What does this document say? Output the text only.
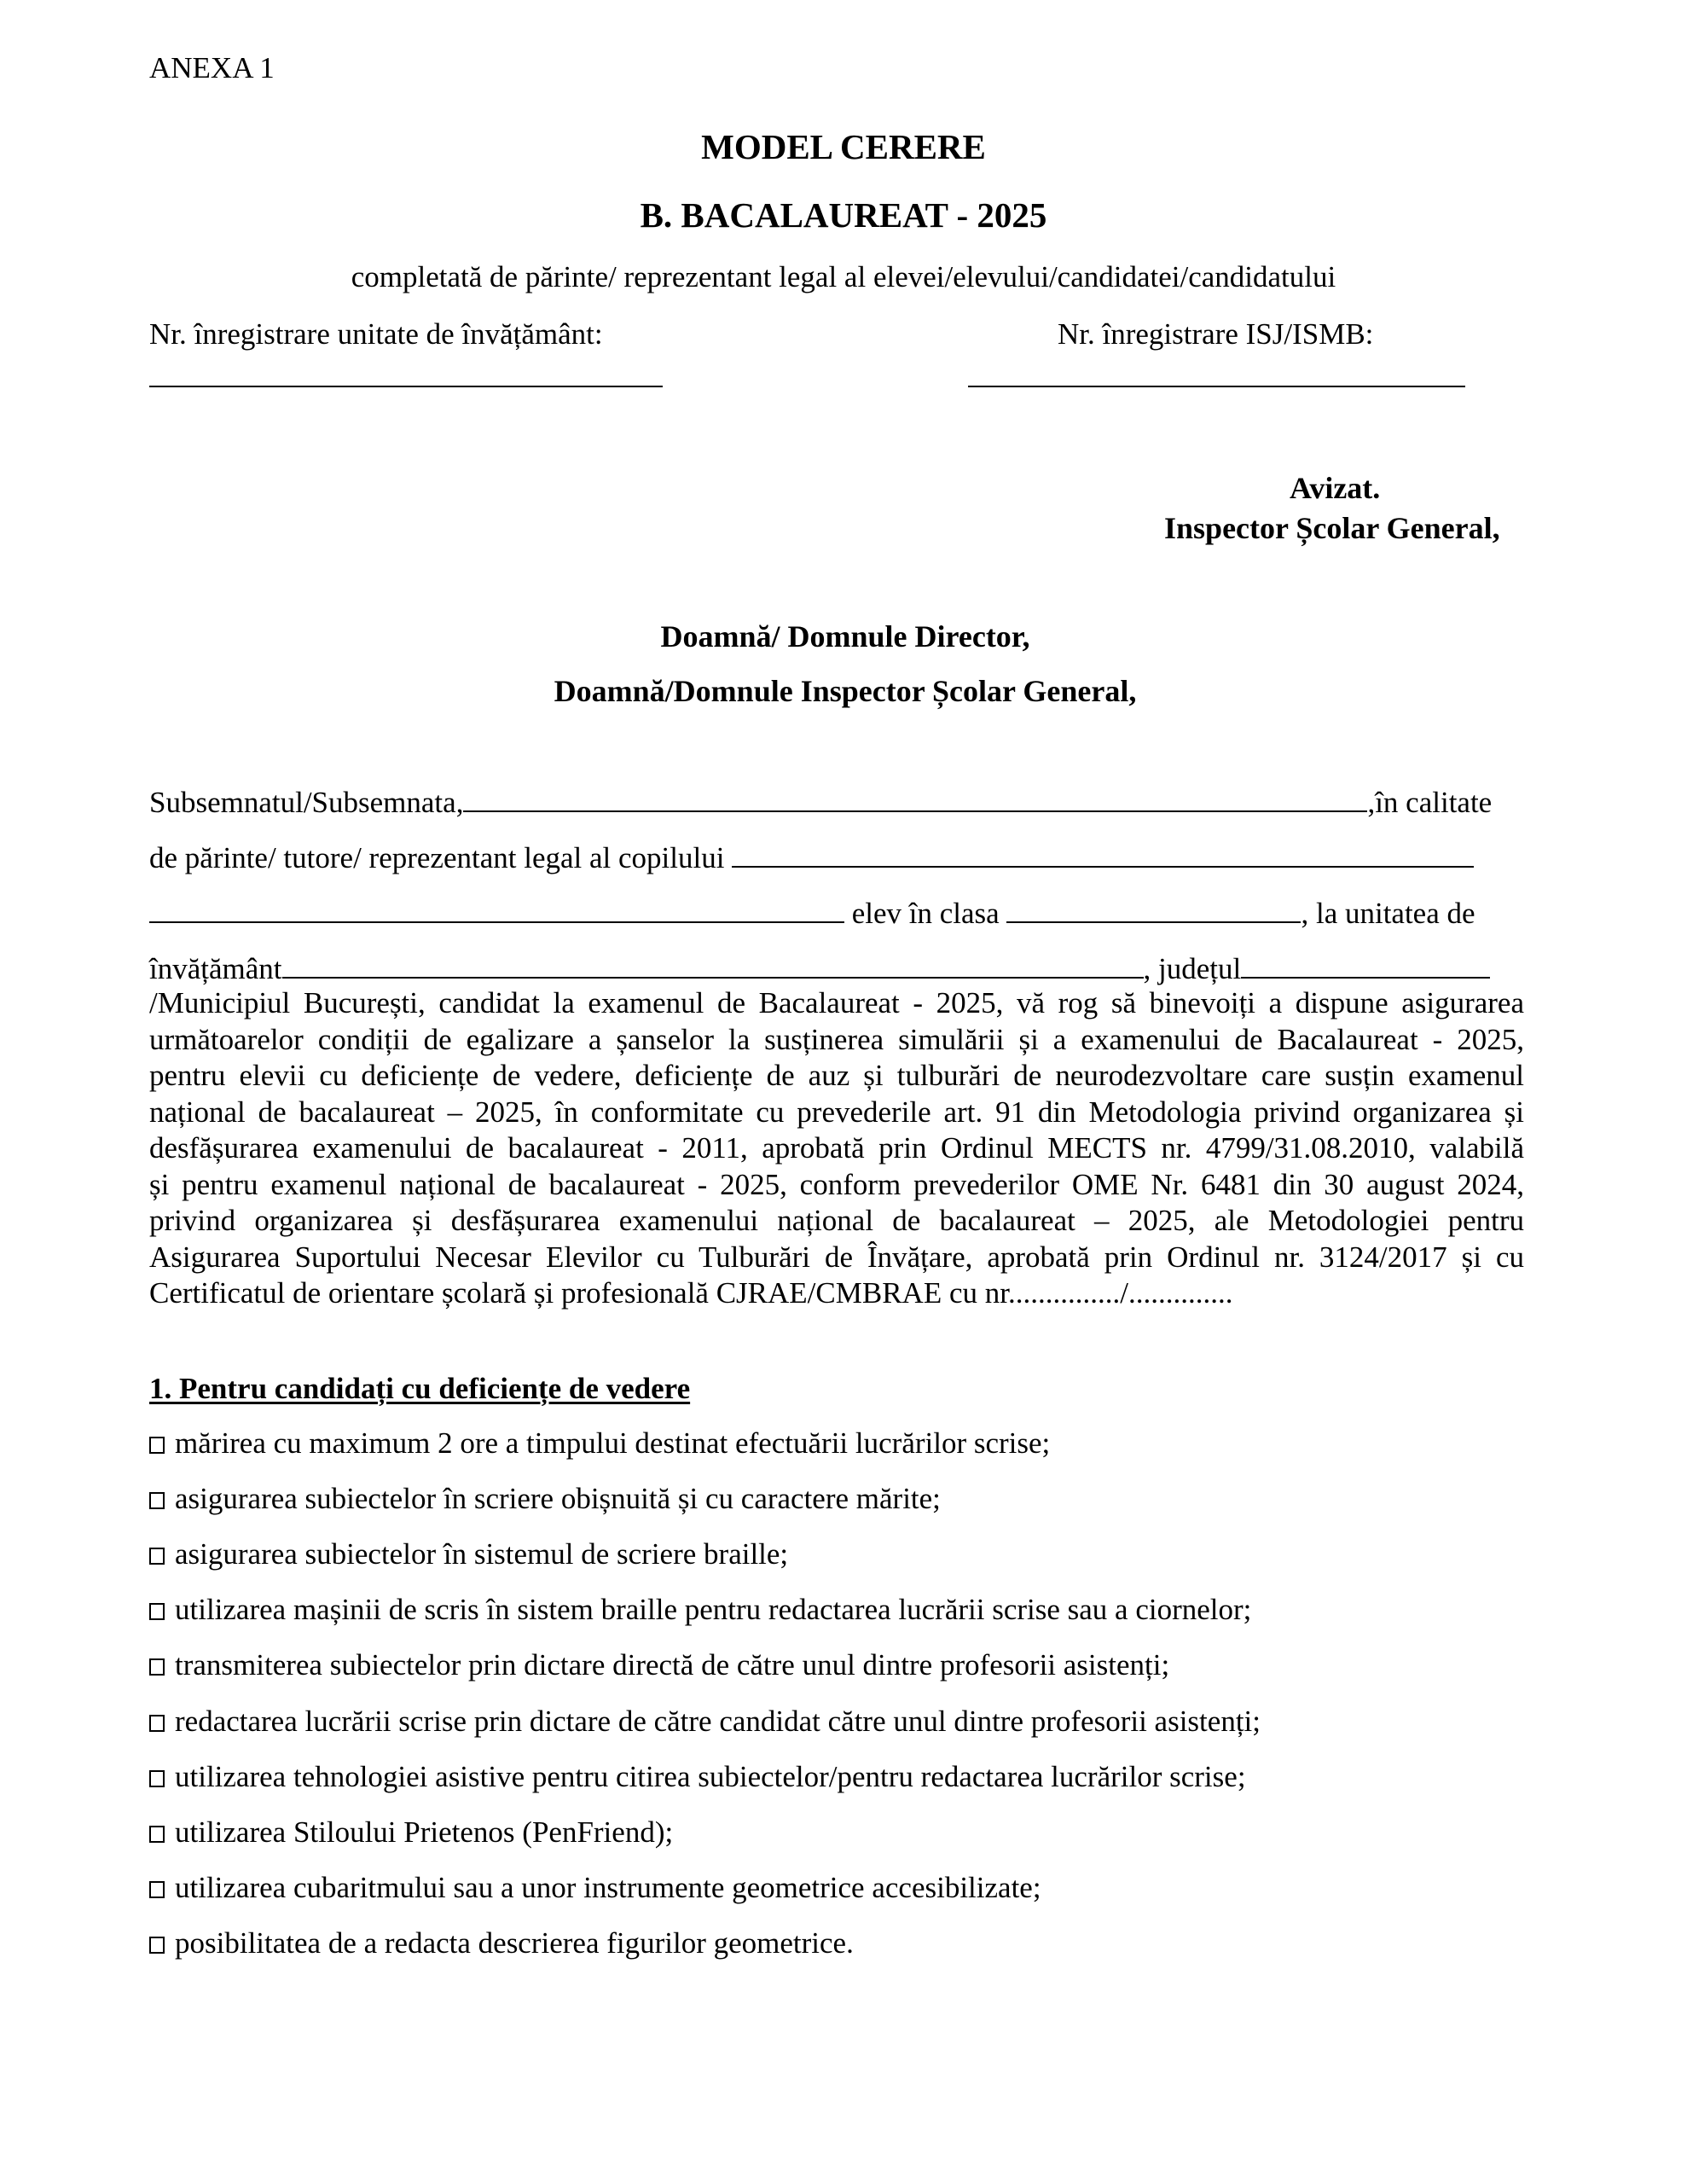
ANEXA 1
MODEL CERERE
B. BACALAUREAT - 2025
completată de părinte/ reprezentant legal al elevei/elevului/candidatei/candidatului
Nr. înregistrare unitate de învățământ:	Nr. înregistrare ISJ/ISMB:
Avizat.
Inspector Școlar General,
Doamnă/ Domnule Director,
Doamnă/Domnule Inspector Școlar General,
Subsemnatul/Subsemnata,	,în calitate
de părinte/ tutore/ reprezentant legal al copilului
elev în clasa	, la unitatea de
învățământ	, județul
/Municipiul București, candidat la examenul de Bacalaureat - 2025, vă rog să binevoiți a dispune asigurarea
următoarelor condiții de egalizare a șanselor la susținerea simulării și a examenului de Bacalaureat - 2025,
pentru elevii cu deficiențe de vedere, deficiențe de auz și tulburări de neurodezvoltare care susțin examenul
național de bacalaureat – 2025, în conformitate cu prevederile art. 91 din Metodologia privind organizarea și
desfășurarea examenului de bacalaureat - 2011, aprobată prin Ordinul MECTS nr. 4799/31.08.2010, valabilă
și pentru examenul național de bacalaureat - 2025, conform prevederilor OME Nr. 6481 din 30 august 2024,
privind organizarea și desfășurarea examenului național de bacalaureat – 2025, ale Metodologiei pentru
Asigurarea Suportului Necesar Elevilor cu Tulburări de Învățare, aprobată prin Ordinul nr. 3124/2017 și cu
Certificatul de orientare școlară și profesională CJRAE/CMBRAE cu nr.............../..............
1. Pentru candidați cu deficiențe de vedere
mărirea cu maximum 2 ore a timpului destinat efectuării lucrărilor scrise;
asigurarea subiectelor în scriere obișnuită și cu caractere mărite;
asigurarea subiectelor în sistemul de scriere braille;
utilizarea mașinii de scris în sistem braille pentru redactarea lucrării scrise sau a ciornelor;
transmiterea subiectelor prin dictare directă de către unul dintre profesorii asistenți;
redactarea lucrării scrise prin dictare de către candidat către unul dintre profesorii asistenți;
utilizarea tehnologiei asistive pentru citirea subiectelor/pentru redactarea lucrărilor scrise;
utilizarea Stiloului Prietenos (PenFriend);
utilizarea cubaritmului sau a unor instrumente geometrice accesibilizate;
posibilitatea de a redacta descrierea figurilor geometrice.
